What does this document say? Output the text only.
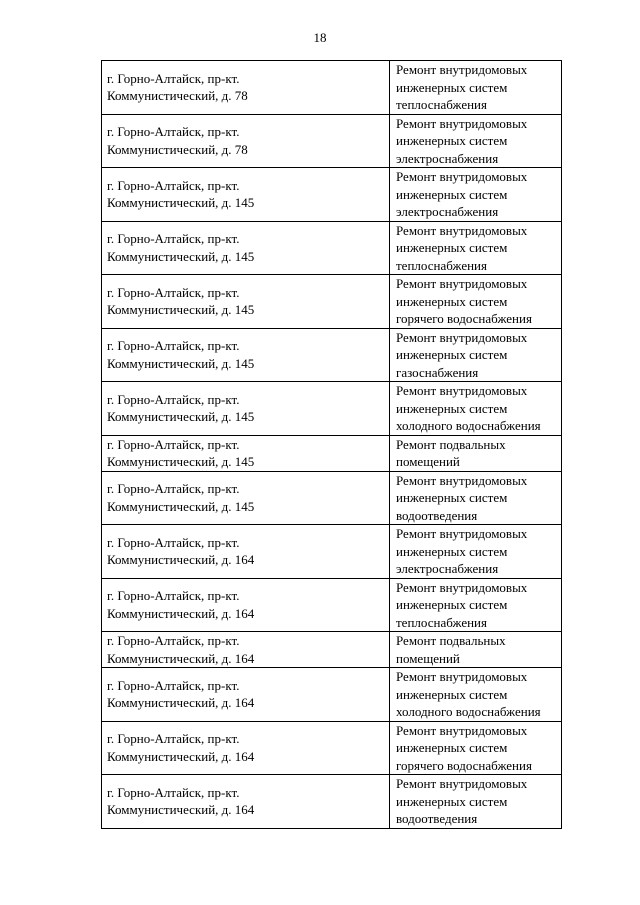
18
г. Горно-Алтайск, пр-кт.
Коммунистический, д. 78	Ремонт внутридомовых
инженерных систем
теплоснабжения

г. Горно-Алтайск, пр-кт.
Коммунистический, д. 78	Ремонт внутридомовых
инженерных систем
электроснабжения

г. Горно-Алтайск, пр-кт.
Коммунистический, д. 145	Ремонт внутридомовых
инженерных систем
электроснабжения

г. Горно-Алтайск, пр-кт.
Коммунистический, д. 145	Ремонт внутридомовых
инженерных систем
теплоснабжения

г. Горно-Алтайск, пр-кт.
Коммунистический, д. 145	Ремонт внутридомовых
инженерных систем
горячего водоснабжения

г. Горно-Алтайск, пр-кт.
Коммунистический, д. 145	Ремонт внутридомовых
инженерных систем
газоснабжения

г. Горно-Алтайск, пр-кт.
Коммунистический, д. 145	Ремонт внутридомовых
инженерных систем
холодного водоснабжения

г. Горно-Алтайск, пр-кт.
Коммунистический, д. 145	Ремонт подвальных
помещений

г. Горно-Алтайск, пр-кт.
Коммунистический, д. 145	Ремонт внутридомовых
инженерных систем
водоотведения

г. Горно-Алтайск, пр-кт.
Коммунистический, д. 164	Ремонт внутридомовых
инженерных систем
электроснабжения

г. Горно-Алтайск, пр-кт.
Коммунистический, д. 164	Ремонт внутридомовых
инженерных систем
теплоснабжения

г. Горно-Алтайск, пр-кт.
Коммунистический, д. 164	Ремонт подвальных
помещений

г. Горно-Алтайск, пр-кт.
Коммунистический, д. 164	Ремонт внутридомовых
инженерных систем
холодного водоснабжения

г. Горно-Алтайск, пр-кт.
Коммунистический, д. 164	Ремонт внутридомовых
инженерных систем
горячего водоснабжения

г. Горно-Алтайск, пр-кт.
Коммунистический, д. 164	Ремонт внутридомовых
инженерных систем
водоотведения
